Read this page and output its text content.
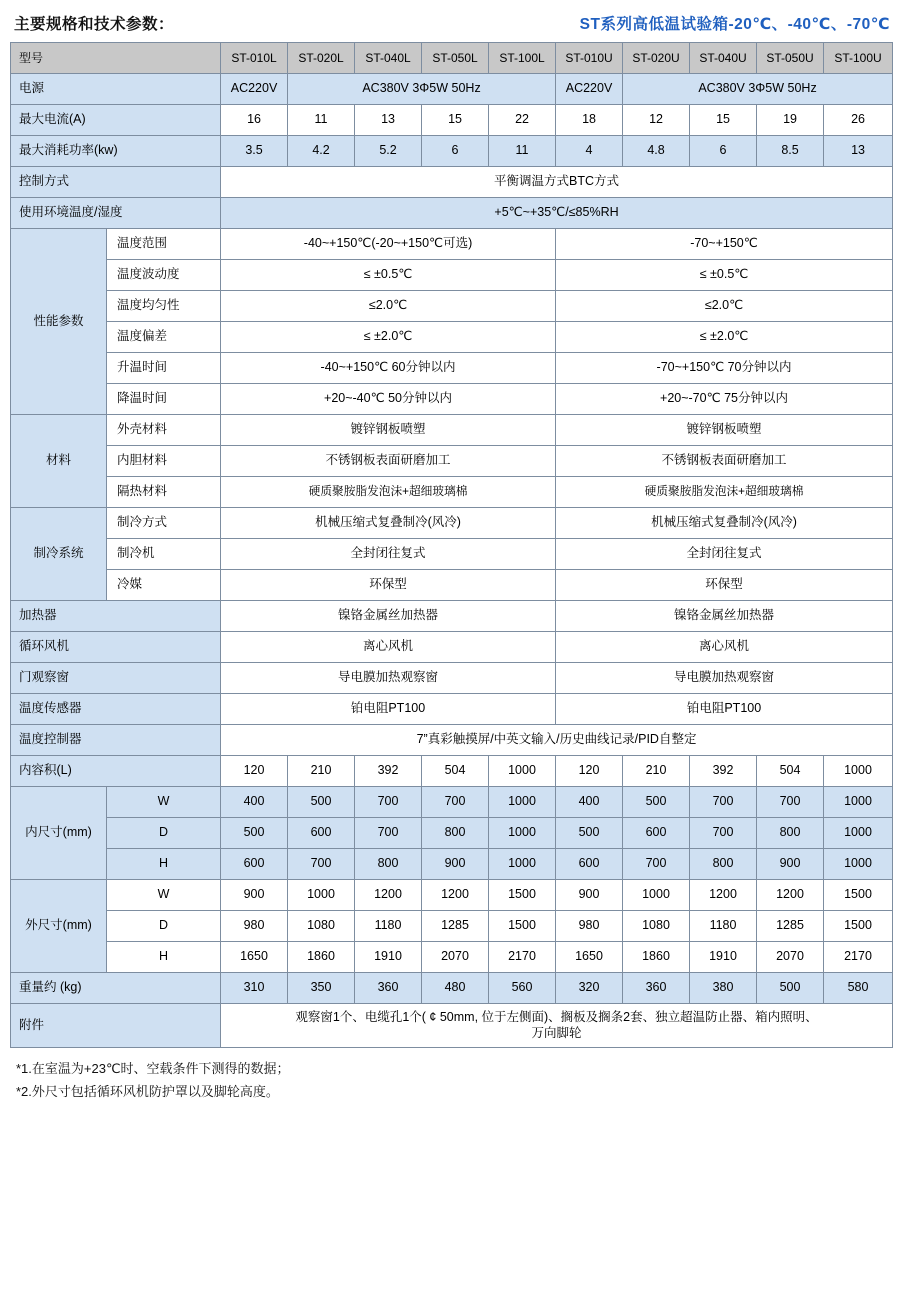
主要规格和技术参数：	ST系列高低温试验箱-20℃、-40℃、-70℃
型号		ST-010L	ST-020L	ST-040L	ST-050L	ST-100L	ST-010U	ST-020U	ST-040U	ST-050U	ST-100U
电源		AC220V	AC380V 3Φ5W 50Hz				AC220V	AC380V 3Φ5W 50Hz			
最大电流(A)		16	11	13	15	22	18	12	15	19	26
最大消耗功率(kw)		3.5	4.2	5.2	6	11	4	4.8	6	8.5	13
控制方式		平衡调温方式BTC方式									
使用环境温度/湿度		+5℃~+35℃/≤85%RH									
性能参数	温度范围	-40~+150℃(-20~+150℃可选)					-70~+150℃				
	温度波动度	≤ ±0.5℃					≤ ±0.5℃				
	温度均匀性	≤2.0℃					≤2.0℃				
	温度偏差	≤ ±2.0℃					≤ ±2.0℃				
	升温时间	-40~+150℃ 60分钟以内					-70~+150℃ 70分钟以内				
	降温时间	+20~-40℃ 50分钟以内					+20~-70℃ 75分钟以内				
材料	外壳材料	镀锌钢板喷塑					镀锌钢板喷塑				
	内胆材料	不锈钢板表面研磨加工					不锈钢板表面研磨加工				
	隔热材料	硬质聚胺脂发泡沫+超细玻璃棉					硬质聚胺脂发泡沫+超细玻璃棉				
制冷系统	制冷方式	机械压缩式复叠制冷(风冷)					机械压缩式复叠制冷(风冷)				
	制冷机	全封闭往复式					全封闭往复式				
	冷媒	环保型					环保型				
加热器		镍铬金属丝加热器					镍铬金属丝加热器				
循环风机		离心风机					离心风机				
门观察窗		导电膜加热观察窗					导电膜加热观察窗				
温度传感器		铂电阻PT100					铂电阻PT100				
温度控制器		7”真彩触摸屏/中英文输入/历史曲线记录/PID自整定									
内容积(L)		120	210	392	504	1000	120	210	392	504	1000
内尺寸(mm)	W	400	500	700	700	1000	400	500	700	700	1000
	D	500	600	700	800	1000	500	600	700	800	1000
	H	600	700	800	900	1000	600	700	800	900	1000
外尺寸(mm)	W	900	1000	1200	1200	1500	900	1000	1200	1200	1500
	D	980	1080	1180	1285	1500	980	1080	1180	1285	1500
	H	1650	1860	1910	2070	2170	1650	1860	1910	2070	2170
重量约 (kg)		310	350	360	480	560	320	360	380	500	580
附件		观察窗1个、电缆孔1个( ¢ 50mm, 位于左侧面)、搁板及搁条2套、独立超温防止器、箱内照明、
万向脚轮									
*1.在室温为+23℃时、空载条件下测得的数据；
*2.外尺寸包括循环风机防护罩以及脚轮高度。
